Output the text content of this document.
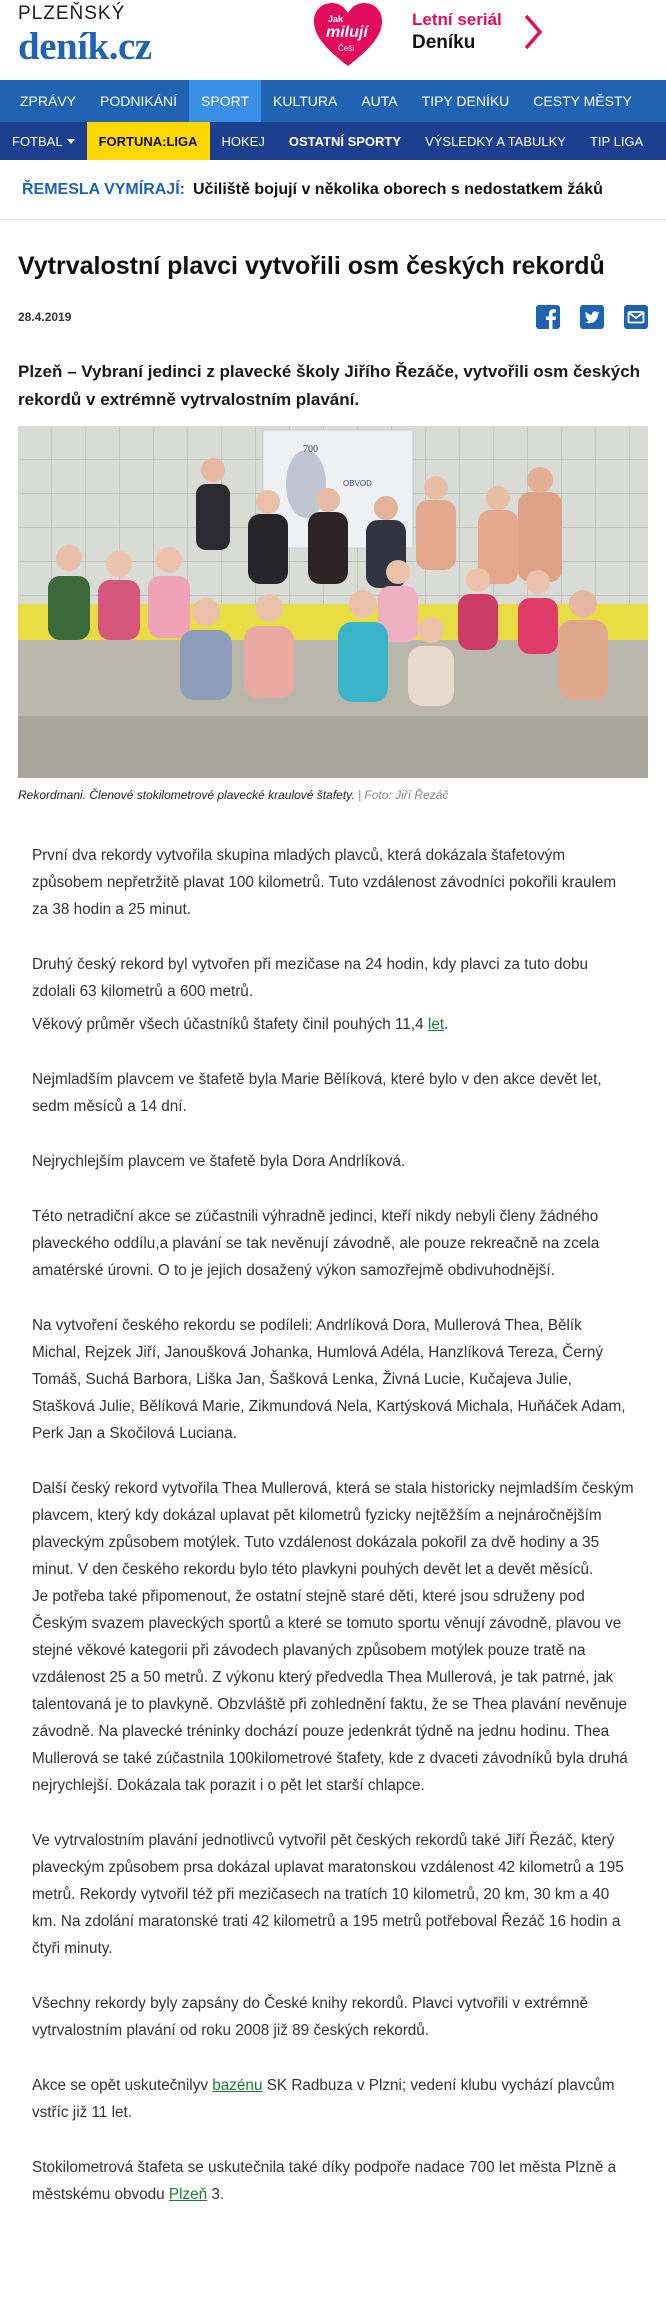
PLZEŇSKÝ
deník.cz
Jak
milují
Češi
Letní seriál
Deníku
ZPRÁVY	PODNIKÁNÍ	SPORT	KULTURA	AUTA	TIPY DENÍKU	CESTY MĚSTY
FOTBAL	FORTUNA:LIGA	HOKEJ	OSTATNÍ SPORTY	VÝSLEDKY A TABULKY	TIP LIGA
ŘEMESLA VYMÍRAJÍ: Učiliště bojují v několika oborech s nedostatkem žáků
Vytrvalostní plavci vytvořili osm českých rekordů
28.4.2019

Plzeň – Vybraní jedinci z plavecké školy Jiřího Řezáče, vytvořili osm českých rekordů v extrémně vytrvalostním plavání.

700
OBVOD

Rekordmani. Členové stokilometrové plavecké kraulové štafety. | Foto: Jiří Řezáč

První dva rekordy vytvořila skupina mladých plavců, která dokázala štafetovým způsobem nepřetržitě plavat 100 kilometrů. Tuto vzdálenost závodníci pokořili kraulem za 38 hodin a 25 minut.

Druhý český rekord byl vytvořen při mezičase na 24 hodin, kdy plavci za tuto dobu zdolali 63 kilometrů a 600 metrů.

Věkový průměr všech účastníků štafety činil pouhých 11,4 let.

Nejmladším plavcem ve štafetě byla Marie Bělíková, které bylo v den akce devět let, sedm měsíců a 14 dní.

Nejrychlejším plavcem ve štafetě byla Dora Andrlíková.

Této netradiční akce se zúčastnili výhradně jedinci, kteří nikdy nebyli členy žádného plaveckého oddílu,a plavání se tak nevěnují závodně, ale pouze rekreačně na zcela amatérské úrovni. O to je jejich dosažený výkon samozřejmě obdivuhodnější.

Na vytvoření českého rekordu se podíleli: Andrlíková Dora, Mullerová Thea, Bělík Michal, Rejzek Jiří, Janoušková Johanka, Humlová Adéla, Hanzlíková Tereza, Černý Tomáš, Suchá Barbora, Liška Jan, Šašková Lenka, Živná Lucie, Kučajeva Julie, Stašková Julie, Bělíková Marie, Zikmundová Nela, Kartýsková Michala, Huňáček Adam, Perk Jan a Skočilová Luciana.

Další český rekord vytvořila Thea Mullerová, která se stala historicky nejmladším českým plavcem, který kdy dokázal uplavat pět kilometrů fyzicky nejtěžším a nejnáročnějším plaveckým způsobem motýlek. Tuto vzdálenost dokázala pokořil za dvě hodiny a 35 minut. V den českého rekordu bylo této plavkyni pouhých devět let a devět měsíců.

Je potřeba také připomenout, že ostatní stejně staré děti, které jsou sdruženy pod Českým svazem plaveckých sportů a které se tomuto sportu věnují závodně, plavou ve stejné věkové kategorii při závodech plavaných způsobem motýlek pouze tratě na vzdálenost 25 a 50 metrů. Z výkonu který předvedla Thea Mullerová, je tak patrné, jak talentovaná je to plavkyně. Obzvláště při zohlednění faktu, že se Thea plavání nevěnuje závodně. Na plavecké tréninky dochází pouze jedenkrát týdně na jednu hodinu. Thea Mullerová se také zúčastnila 100kilometrové štafety, kde z dvaceti závodníků byla druhá nejrychlejší. Dokázala tak porazit i o pět let starší chlapce.

Ve vytrvalostním plavání jednotlivců vytvořil pět českých rekordů také Jiří Řezáč, který plaveckým způsobem prsa dokázal uplavat maratonskou vzdálenost 42 kilometrů a 195 metrů. Rekordy vytvořil též při mezičasech na tratích 10 kilometrů, 20 km, 30 km a 40 km. Na zdolání maratonské trati 42 kilometrů a 195 metrů potřeboval Řezáč 16 hodin a čtyři minuty.

Všechny rekordy byly zapsány do České knihy rekordů. Plavci vytvořili v extrémně vytrvalostním plavání od roku 2008 již 89 českých rekordů.

Akce se opět uskutečnilyv bazénu SK Radbuza v Plzni; vedení klubu vychází plavcům vstříc již 11 let.

Stokilometrová štafeta se uskutečnila také díky podpoře nadace 700 let města Plzně a městskému obvodu Plzeň 3.
